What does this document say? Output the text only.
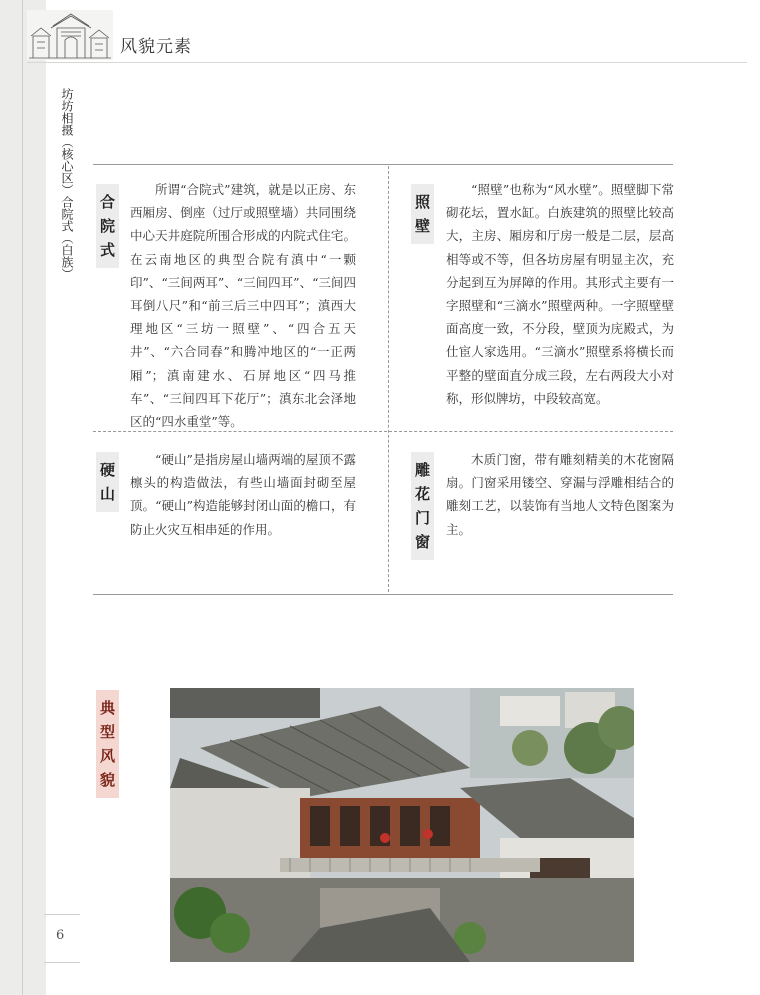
风貌元素
坊坊相摄（核心区）合院式（白族） 合
院
式

所谓“合院式”建筑，就是以正房、东西厢房、倒座（过厅或照壁墙）共同围绕中心天井庭院所围合形成的内院式住宅。在云南地区的典型合院有滇中“一颗印”、“三间两耳”、“三间四耳”、“三间四耳倒八尺”和“前三后三中四耳”；滇西大理地区“三坊一照壁”、“四合五天井”、“六合同春”和腾冲地区的“一正两厢”；滇南建水、石屏地区“四马推车”、“三间四耳下花厅”；滇东北会泽地区的“四水重堂”等。

照
壁

“照壁”也称为“风水壁”。照壁脚下常砌花坛，置水缸。白族建筑的照壁比较高大，主房、厢房和厅房一般是二层，层高相等或不等，但各坊房屋有明显主次，充分起到互为屏障的作用。其形式主要有一字照壁和“三滴水”照壁两种。一字照壁壁面高度一致，不分段，壁顶为庑殿式，为仕宦人家选用。“三滴水”照壁系将横长而平整的壁面直分成三段，左右两段大小对称，形似牌坊，中段较高宽。

硬
山

“硬山”是指房屋山墙两端的屋顶不露檩头的构造做法，有些山墙面封砌至屋顶。“硬山”构造能够封闭山面的檐口，有防止火灾互相串延的作用。

雕
花
门
窗

木质门窗，带有雕刻精美的木花窗隔扇。门窗采用镂空、穿漏与浮雕相结合的雕刻工艺，以装饰有当地人文特色图案为主。

典
型
风
貌
6
